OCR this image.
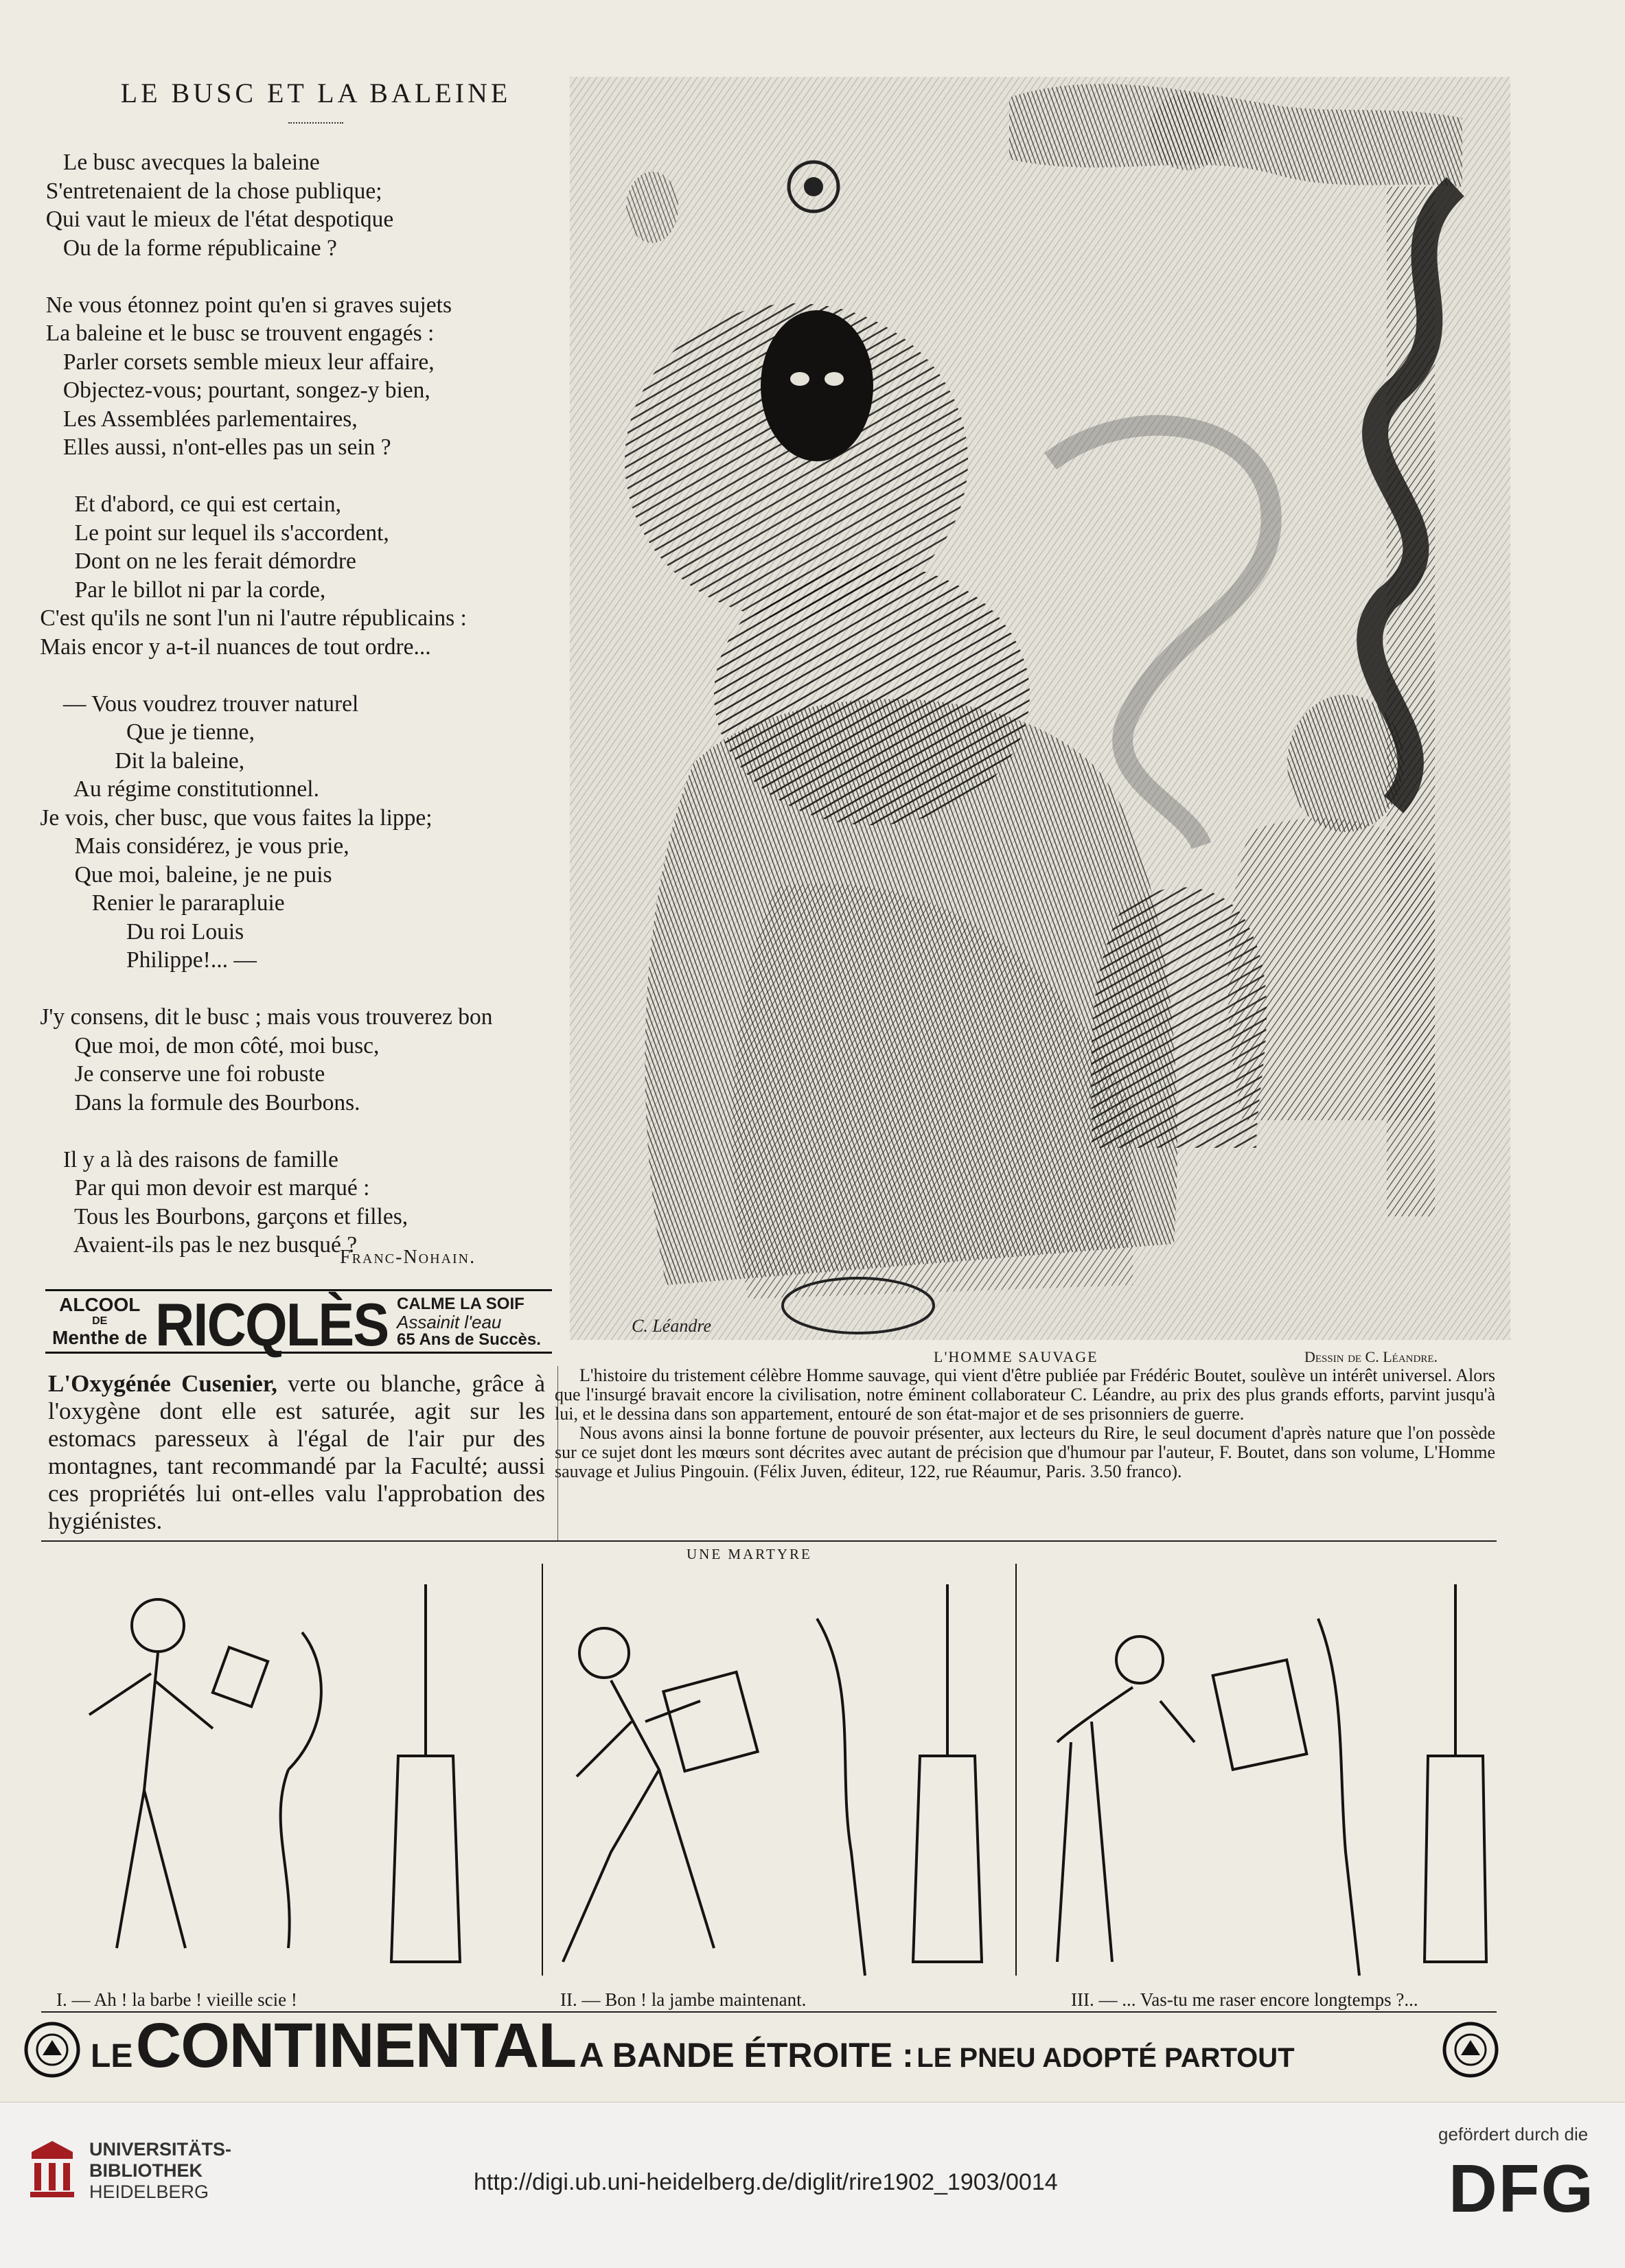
LE BUSC ET LA BALEINE
Le busc avecques la baleine
S'entretenaient de la chose publique;
Qui vaut le mieux de l'état despotique
Ou de la forme républicaine ?

Ne vous étonnez point qu'en si graves sujets
La baleine et le busc se trouvent engagés :
Parler corsets semble mieux leur affaire,
Objectez-vous; pourtant, songez-y bien,
Les Assemblées parlementaires,
Elles aussi, n'ont-elles pas un sein ?

Et d'abord, ce qui est certain,
Le point sur lequel ils s'accordent,
Dont on ne les ferait démordre
Par le billot ni par la corde,
C'est qu'ils ne sont l'un ni l'autre républicains :
Mais encor y a-t-il nuances de tout ordre...

— Vous voudrez trouver naturel
Que je tienne,
Dit la baleine,
Au régime constitutionnel.
Je vois, cher busc, que vous faites la lippe;
Mais considérez, je vous prie,
Que moi, baleine, je ne puis
Renier le pararapluie
Du roi Louis
Philippe!... —

J'y consens, dit le busc ; mais vous trouverez bon
Que moi, de mon côté, moi busc,
Je conserve une foi robuste
Dans la formule des Bourbons.

Il y a là des raisons de famille
Par qui mon devoir est marqué :
Tous les Bourbons, garçons et filles,
Avaient-ils pas le nez busqué ?
Franc-Nohain.
ALCOOL
DE
Menthe de RICQLÈS CALME LA SOIF
Assainit l'eau
65 Ans de Succès.
L'Oxygénée Cusenier, verte ou blanche, grâce à l'oxygène dont elle est saturée, agit sur les estomacs paresseux à l'égal de l'air pur des montagnes, tant recommandé par la Faculté; aussi ces propriétés lui ont-elles valu l'approbation des hygiénistes.
C. Léandre
L'HOMME SAUVAGE	Dessin de C. Léandre.

L'histoire du tristement célèbre Homme sauvage, qui vient d'être publiée par Frédéric Boutet, soulève un intérêt universel. Alors que l'insurgé bravait encore la civilisation, notre éminent collaborateur C. Léandre, au prix des plus grands efforts, parvint jusqu'à lui, et le dessina dans son appartement, entouré de son état-major et de ses prisonniers de guerre.

Nous avons ainsi la bonne fortune de pouvoir présenter, aux lecteurs du Rire, le seul document d'après nature que l'on possède sur ce sujet dont les mœurs sont décrites avec autant de précision que d'humour par l'auteur, F. Boutet, dans son volume, L'Homme sauvage et Julius Pingouin. (Félix Juven, éditeur, 122, rue Réaumur, Paris. 3.50 franco).

UNE MARTYRE
I. — Ah ! la barbe ! vieille scie !	II. — Bon ! la jambe maintenant.	III. — ... Vas-tu me raser encore longtemps ?...
LE CONTINENTAL A BANDE ÉTROITE : LE PNEU ADOPTÉ PARTOUT
UNIVERSITÄTS-
BIBLIOTHEK
HEIDELBERG	http://digi.ub.uni-heidelberg.de/diglit/rire1902_1903/0014
gefördert durch die
DFG
